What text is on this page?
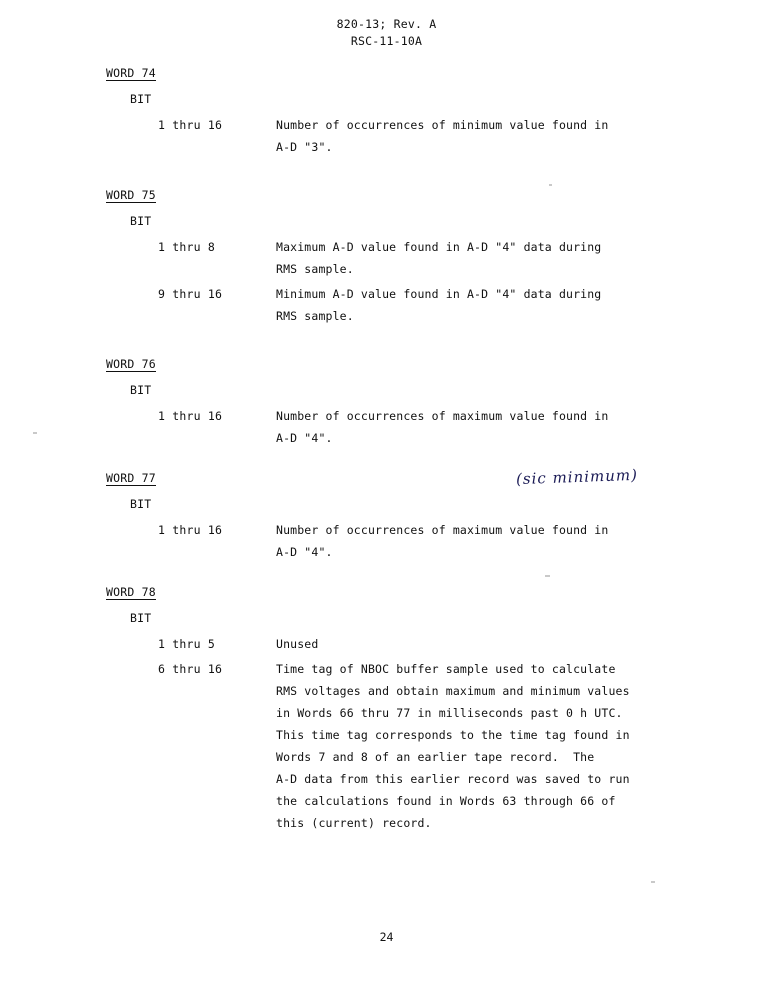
820-13; Rev. A
RSC-11-10A
WORD 74
BIT
1 thru 16	Number of occurrences of minimum value found in
A-D "3".
WORD 75
BIT
1 thru 8	Maximum A-D value found in A-D "4" data during
RMS sample.
9 thru 16	Minimum A-D value found in A-D "4" data during
RMS sample.
WORD 76
BIT
1 thru 16	Number of occurrences of maximum value found in
A-D "4".
WORD 77
BIT
1 thru 16	Number of occurrences of maximum value found in
A-D "4".
WORD 78
BIT
1 thru 5	Unused
6 thru 16	Time tag of NBOC buffer sample used to calculate
RMS voltages and obtain maximum and minimum values
in Words 66 thru 77 in milliseconds past 0 h UTC.
This time tag corresponds to the time tag found in
Words 7 and 8 of an earlier tape record.  The
A-D data from this earlier record was saved to run
the calculations found in Words 63 through 66 of
this (current) record.
(sic minimum)
24
